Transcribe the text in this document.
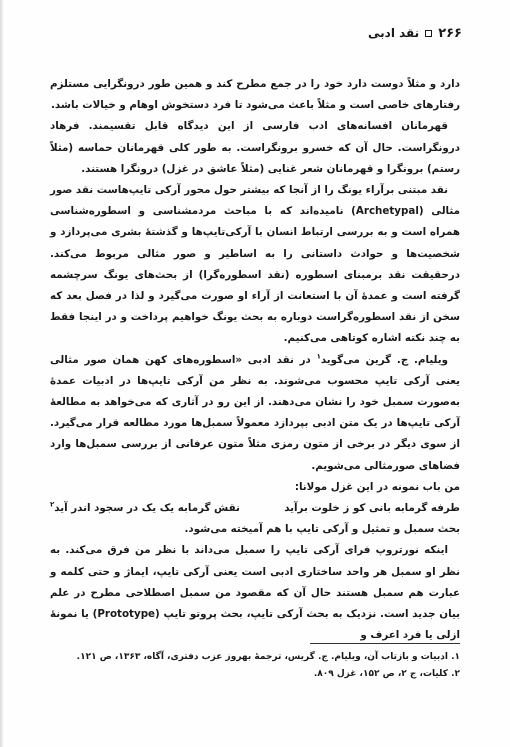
۲۶۶
نقد ادبی

دارد و مثلاً دوست دارد خود را در جمع مطرح کند و همین طور درونگرایی مستلزم رفتارهای خاصی است و مثلاً باعث می‌شود تا فرد دستخوش اوهام و خیالات باشد.

قهرمانان افسانه‌های ادب فارسی از این دیدگاه قابل تقسیمند. فرهاد درونگراست. حال آن که خسرو برونگراست. به طور کلی قهرمانان حماسه (مثلاً رستم) برونگرا و قهرمانان شعر غنایی (مثلاً عاشق در غزل) درونگرا هستند.

نقد مبتنی برآراء یونگ را از آنجا که بیشتر حول محور آرکی تایپ‌هاست نقد صور مثالی (Archetypal) نامیده‌اند که با مباحث مردمشناسی و اسطوره‌شناسی همراه است و به بررسی ارتباط انسان با آرکی‌تایپ‌ها و گذشتهٔ بشری می‌پردازد و شخصیت‌ها و حوادث داستانی را به اساطیر و صور مثالی مربوط می‌کند. درحقیقت نقد برمبنای اسطوره (نقد اسطوره‌گرا) از بحث‌های یونگ سرچشمه گرفته است و عمدهٔ آن با استعانت از آراء او صورت می‌گیرد و لذا در فصل بعد که سخن از نقد اسطوره‌گراست دوباره به بحث یونگ خواهیم پرداخت و در اینجا فقط به چند نکته اشاره کوتاهی می‌کنیم.

ویلیام. ج. گرین می‌گوید$^۱$ در نقد ادبی «اسطوره‌های کهن همان صور مثالی یعنی آرکی تایپ محسوب می‌شوند. به نظر من آرکی تایپ‌ها در ادبیات عمدهٔ به‌صورت سمبل خود را نشان می‌دهند. از این رو در آثاری که می‌خواهد به مطالعهٔ آرکی تایپ‌ها در یک متن ادبی بپردازد معمولاً سمبل‌ها مورد مطالعه قرار می‌گیرد. از سوی دیگر در برخی از متون رمزی مثلاً متون عرفانی از بررسی سمبل‌ها وارد فضاهای صورمثالی می‌شویم.

من باب نمونه در این غزل مولانا:

طرفه گرمابه بانی کو ز خلوت برآید
نقش گرمابه یک یک در سجود اندر آید$^۲$

بحث سمبل و تمثیل و آرکی تایپ با هم آمیخته می‌شود.

اینکه نورتروپ فرای آرکی تایپ را سمبل می‌داند با نظر من فرق می‌کند. به نظر او سمبل هر واحد ساختاری ادبی است یعنی آرکی تایپ، ایماژ و حتی کلمه و عبارت هم سمبل هستند حال آن که مقصود من سمبل اصطلاحی مطرح در علم بیان جدید است. نزدیک به بحث آرکی تایپ، بحث پروتو تایپ (Prototype) یا نمونهٔ ازلی یا فرد اعرف و

۱. ادبیات و بازتاب آن، ویلیام. ج. گریس، ترجمهٔ بهروز عزب دفتری، آگاه، ۱۳۶۳، ص ۱۲۱.

۲. کلیات، ج ۲، ص ۱۵۲، غزل ۸۰۹.
